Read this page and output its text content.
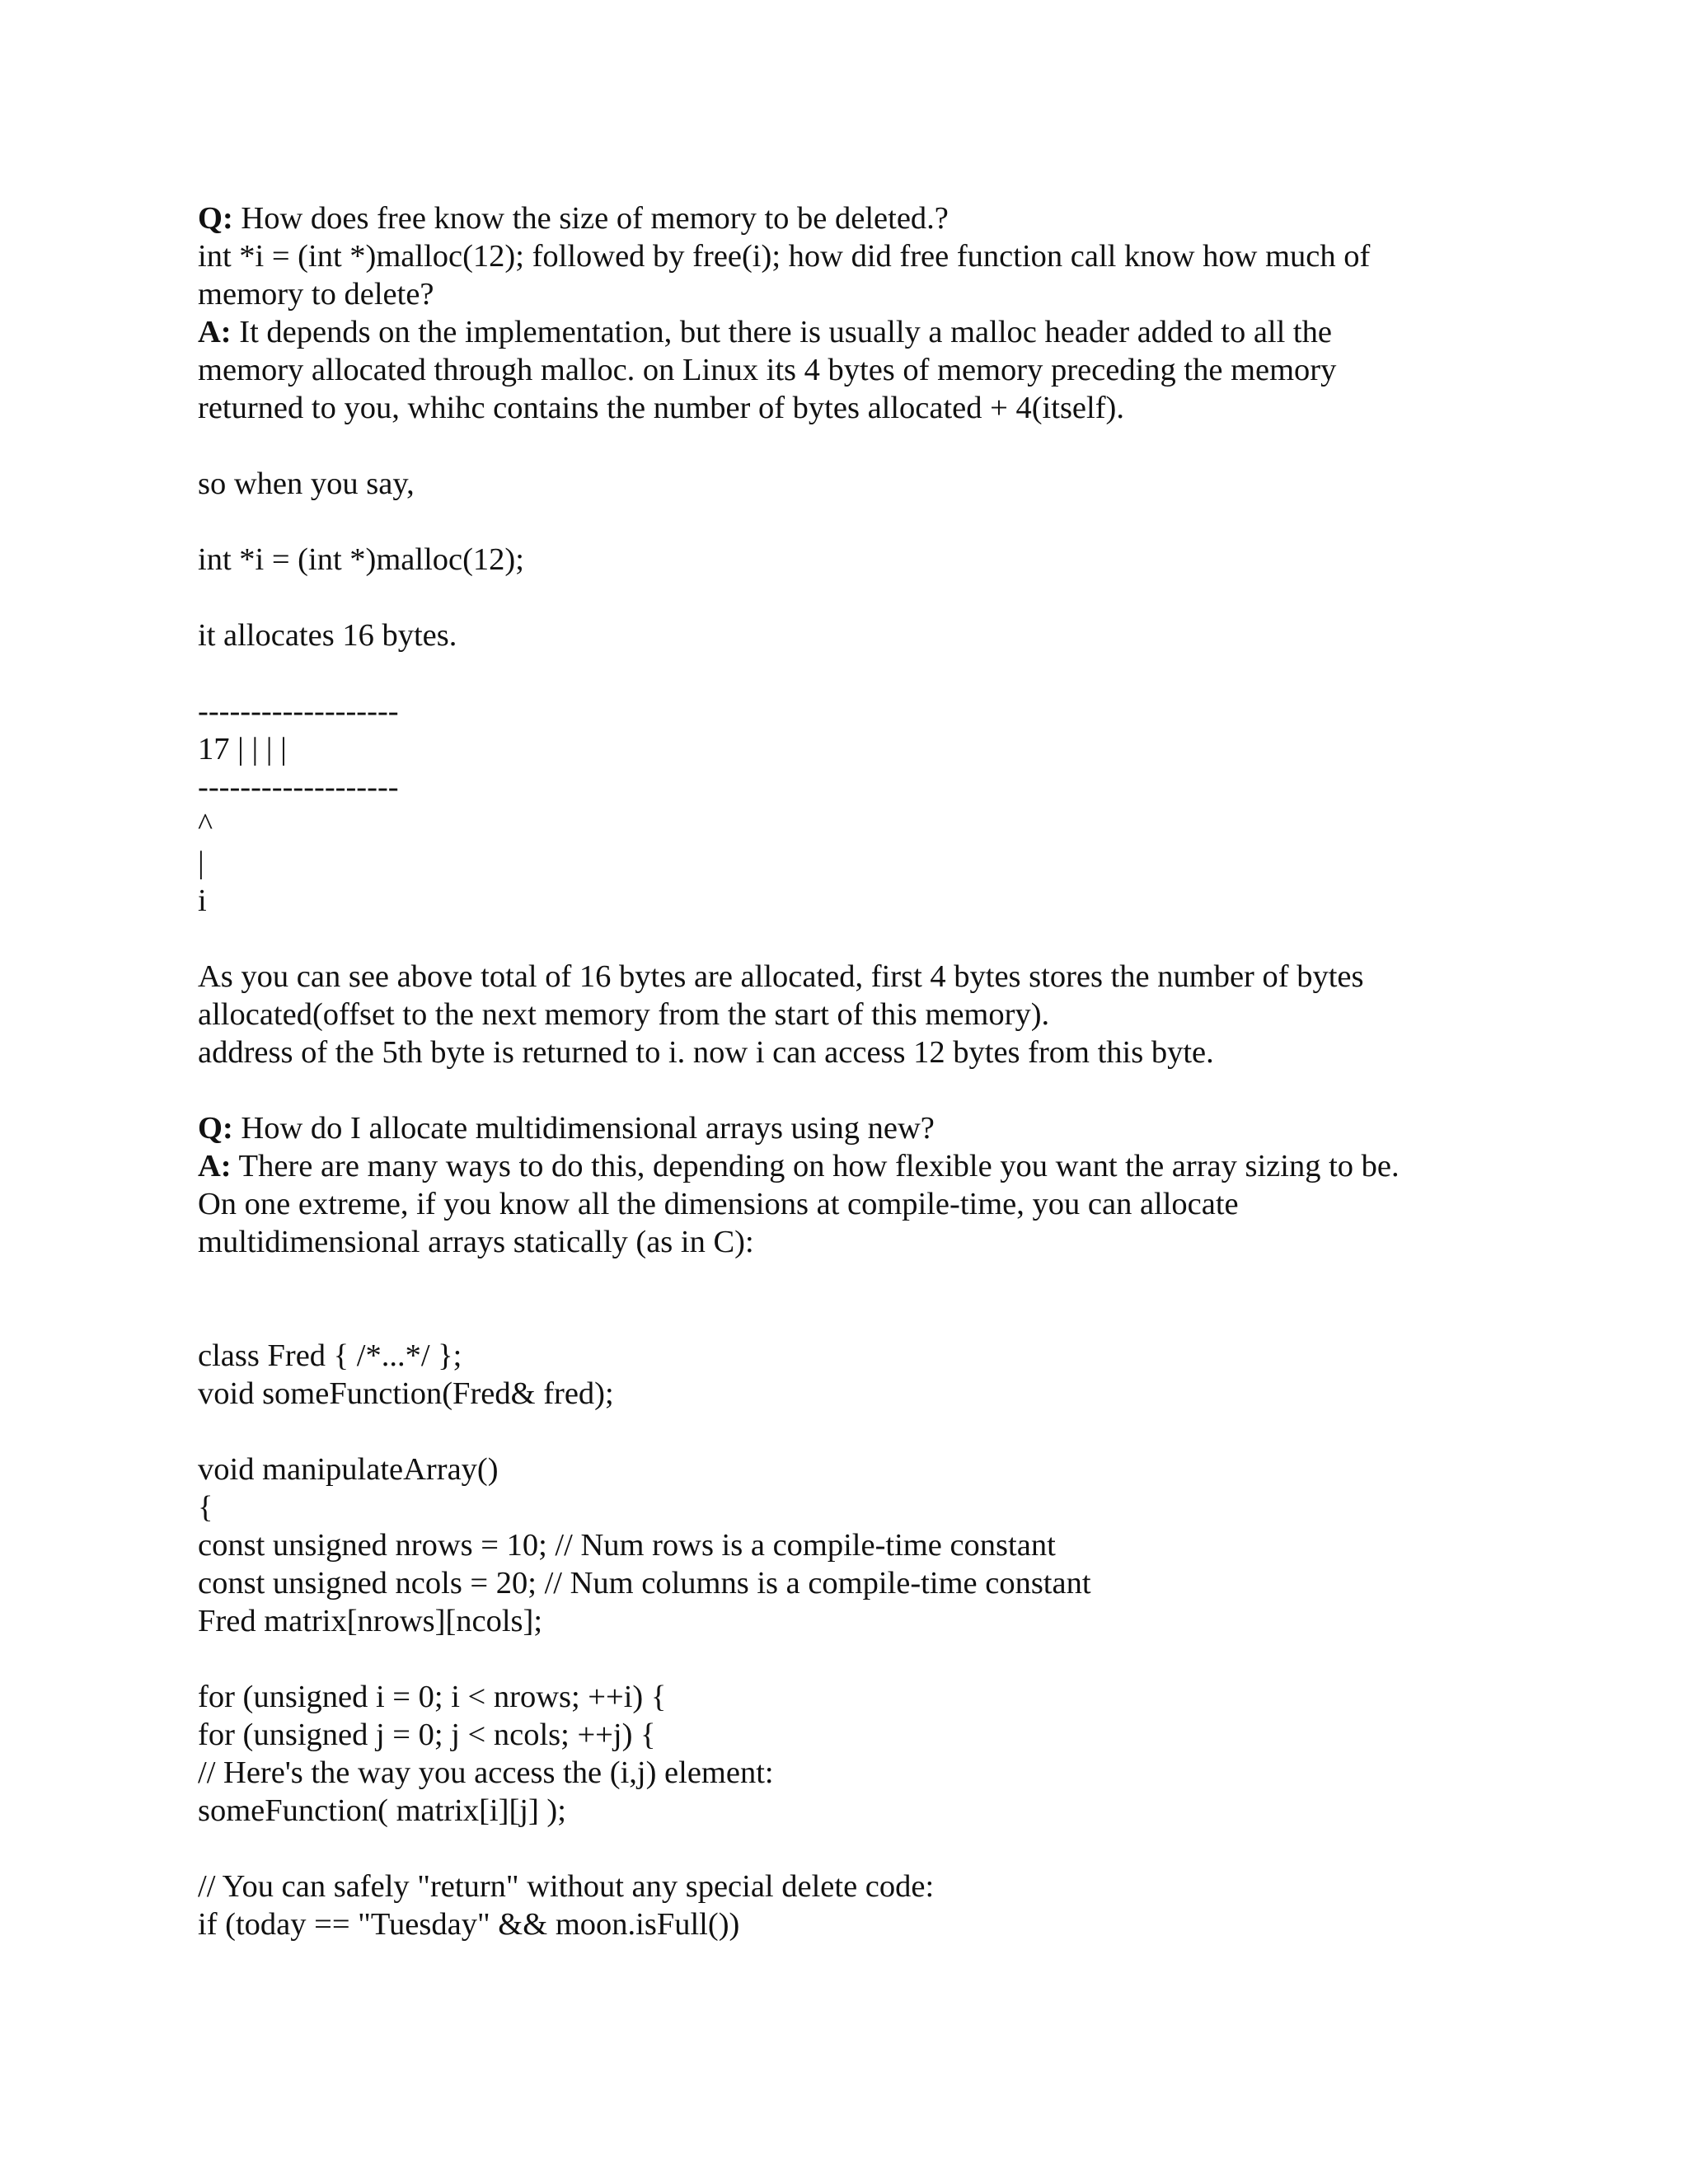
Q: How does free know the size of memory to be deleted.?
int *i = (int *)malloc(12); followed by free(i); how did free function call know how much of
memory to delete?
A: It depends on the implementation, but there is usually a malloc header added to all the
memory allocated through malloc. on Linux its 4 bytes of memory preceding the memory
returned to you, whihc contains the number of bytes allocated + 4(itself).
so when you say,
int *i = (int *)malloc(12);
it allocates 16 bytes.
-------------------
17 | | | |
-------------------
^
|
i
As you can see above total of 16 bytes are allocated, first 4 bytes stores the number of bytes
allocated(offset to the next memory from the start of this memory).
address of the 5th byte is returned to i. now i can access 12 bytes from this byte.
Q: How do I allocate multidimensional arrays using new?
A: There are many ways to do this, depending on how flexible you want the array sizing to be.
On one extreme, if you know all the dimensions at compile-time, you can allocate
multidimensional arrays statically (as in C):
class Fred { /*...*/ };
void someFunction(Fred& fred);
void manipulateArray()
{
const unsigned nrows = 10; // Num rows is a compile-time constant
const unsigned ncols = 20; // Num columns is a compile-time constant
Fred matrix[nrows][ncols];
for (unsigned i = 0; i < nrows; ++i) {
for (unsigned j = 0; j < ncols; ++j) {
// Here's the way you access the (i,j) element:
someFunction( matrix[i][j] );
// You can safely "return" without any special delete code:
if (today == "Tuesday" && moon.isFull())
